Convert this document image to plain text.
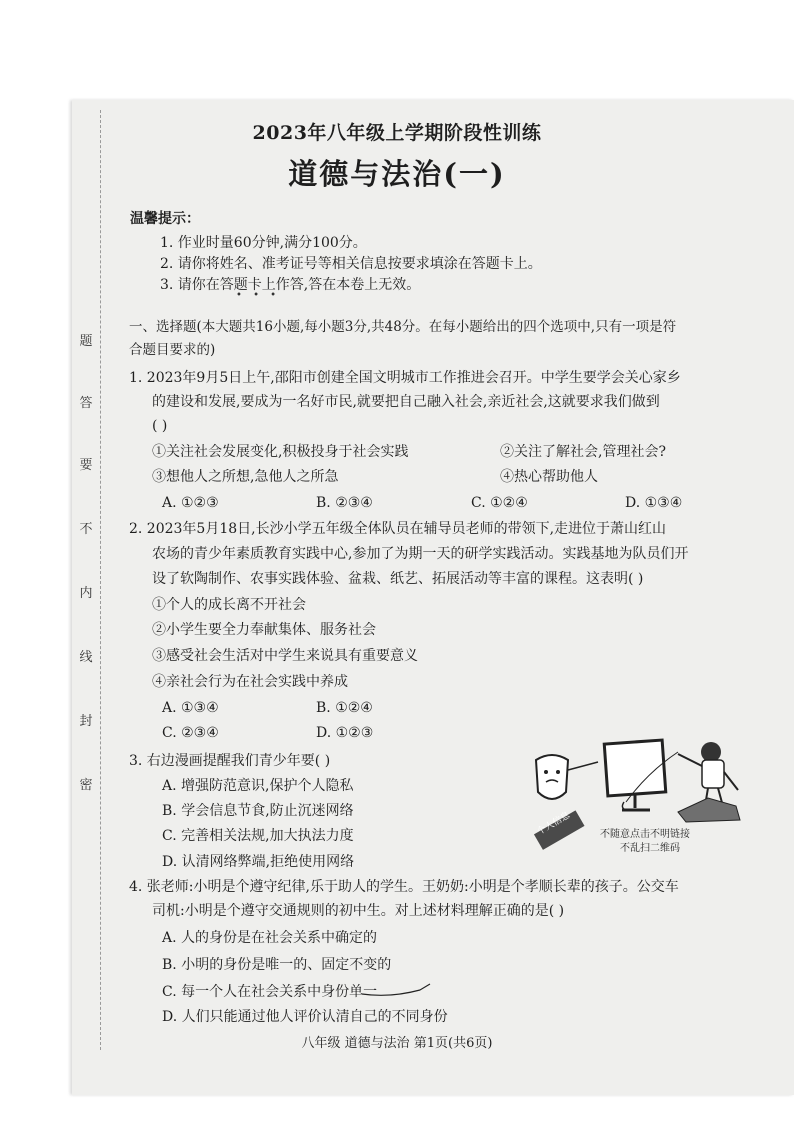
题
答
要
不
内
线
封
密
2023年八年级上学期阶段性训练
道德与法治(一)
温馨提示：
1. 作业时量60分钟,满分100分。
2. 请你将姓名、准考证号等相关信息按要求填涂在答题卡上。
3. 请你在答题卡上作答,答在本卷上无效。
• • •
一、选择题(本大题共16小题,每小题3分,共48分。在每小题给出的四个选项中,只有一项是符
合题目要求的)
1. 2023年9月5日上午,邵阳市创建全国文明城市工作推进会召开。中学生要学会关心家乡
的建设和发展,要成为一名好市民,就要把自己融入社会,亲近社会,这就要求我们做到
( )
①关注社会发展变化,积极投身于社会实践	②关注了解社会,管理社会?
③想他人之所想,急他人之所急	④热心帮助他人
A. ①②③	B. ②③④	C. ①②④	D. ①③④
2. 2023年5月18日,长沙小学五年级全体队员在辅导员老师的带领下,走进位于萧山红山
农场的青少年素质教育实践中心,参加了为期一天的研学实践活动。实践基地为队员们开
设了软陶制作、农事实践体验、盆栽、纸艺、拓展活动等丰富的课程。这表明( )
①个人的成长离不开社会
②小学生要全力奉献集体、服务社会
③感受社会生活对中学生来说具有重要意义
④亲社会行为在社会实践中养成
A. ①③④	B. ①②④
C. ②③④	D. ①②③
3. 右边漫画提醒我们青少年要( )
A. 增强防范意识,保护个人隐私
B. 学会信息节食,防止沉迷网络
C. 完善相关法规,加大执法力度
D. 认清网络弊端,拒绝使用网络
个人信息	不随意点击不明链接
不乱扫二维码
4. 张老师:小明是个遵守纪律,乐于助人的学生。王奶奶:小明是个孝顺长辈的孩子。公交车
司机:小明是个遵守交通规则的初中生。对上述材料理解正确的是( )
A. 人的身份是在社会关系中确定的
B. 小明的身份是唯一的、固定不变的
C. 每一个人在社会关系中身份单一
D. 人们只能通过他人评价认清自己的不同身份
八年级 道德与法治 第1页(共6页)
